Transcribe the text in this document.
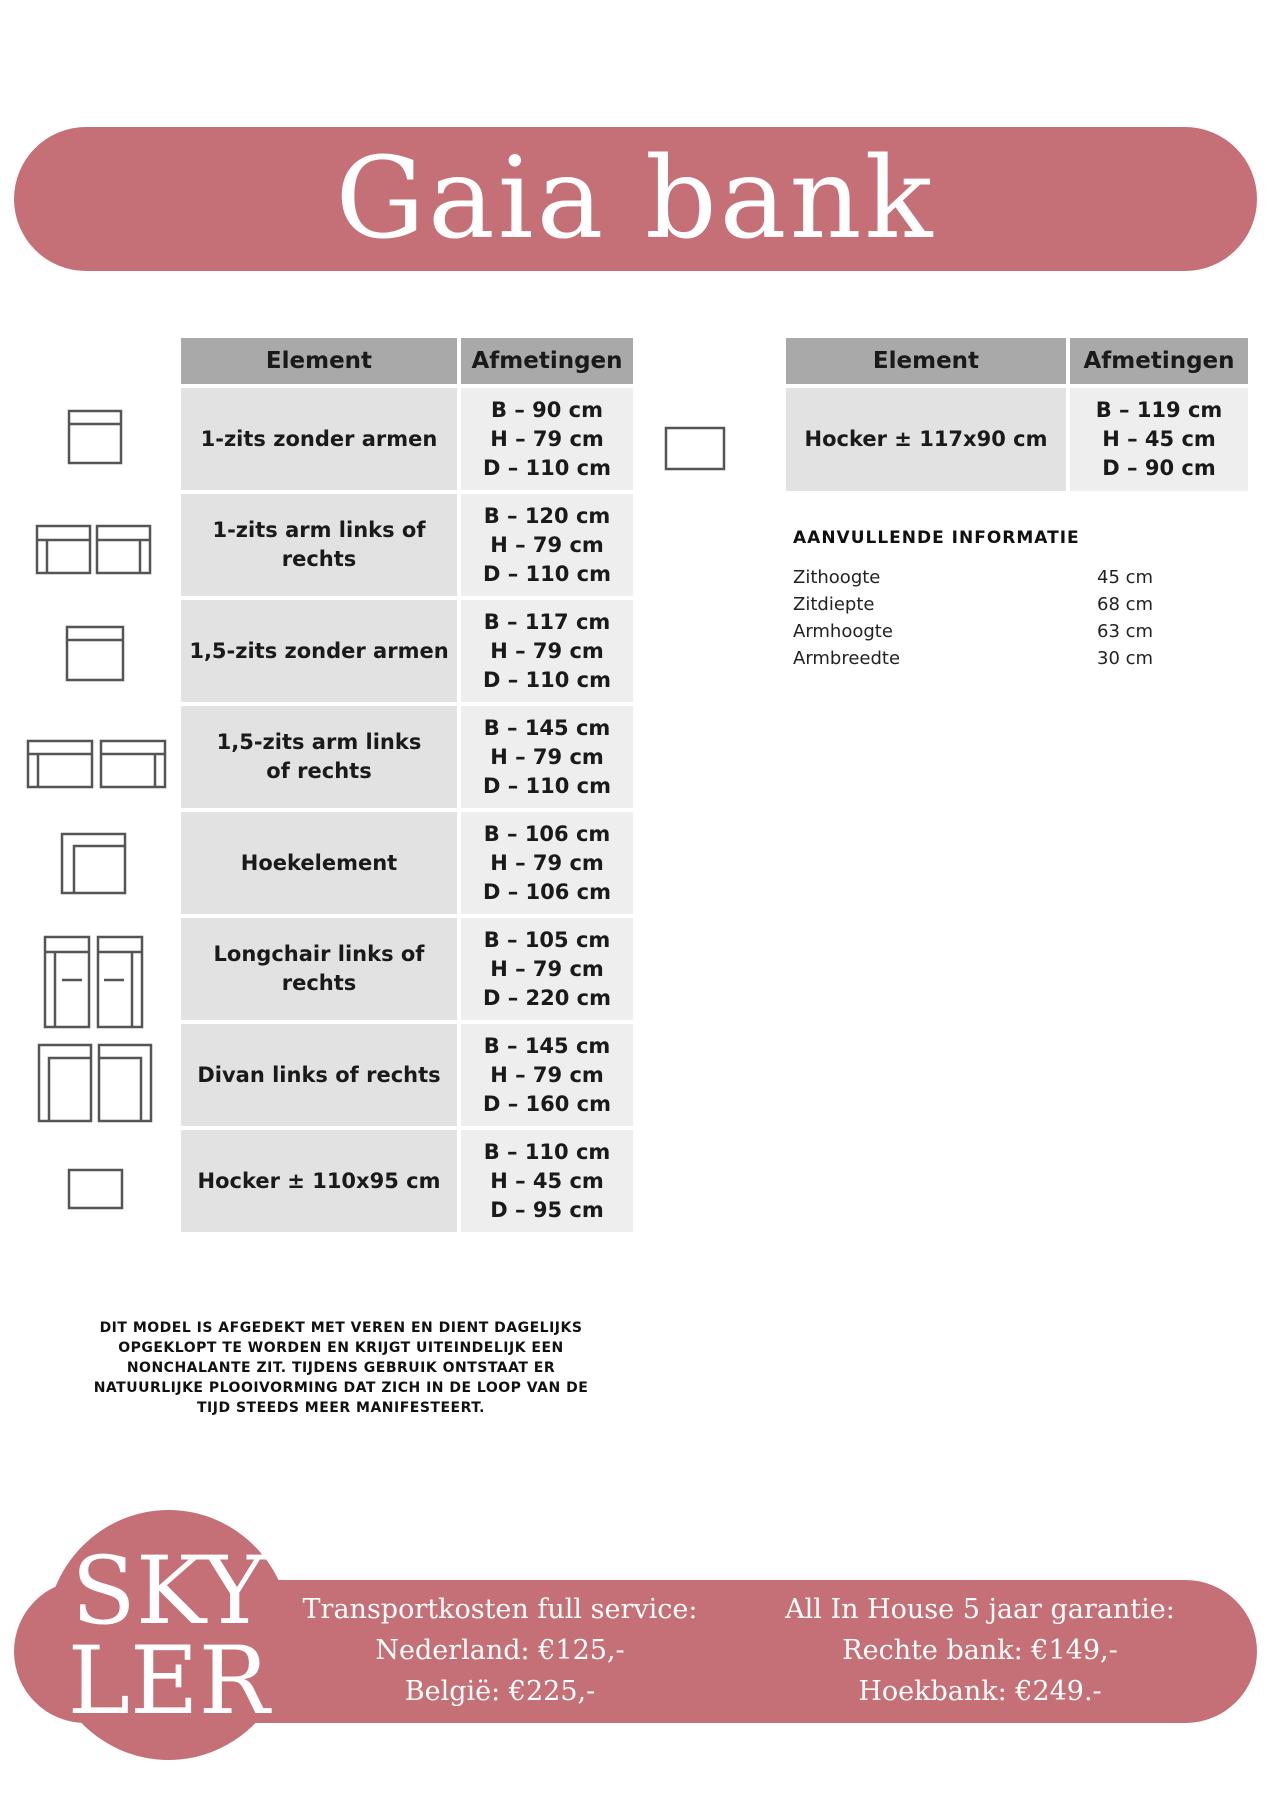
Gaia bank
Element	Afmetingen
1-zits zonder armen	B – 90 cm
H – 79 cm
D – 110 cm

1-zits arm links of rechts	B – 120 cm
H – 79 cm
D – 110 cm

1,5-zits zonder armen	B – 117 cm
H – 79 cm
D – 110 cm

1,5-zits arm links of rechts	B – 145 cm
H – 79 cm
D – 110 cm

Hoekelement	B – 106 cm
H – 79 cm
D – 106 cm

Longchair links of rechts	B – 105 cm
H – 79 cm
D – 220 cm

Divan links of rechts	B – 145 cm
H – 79 cm
D – 160 cm

Hocker ± 110x95 cm	B – 110 cm
H – 45 cm
D – 95 cm
Element	Afmetingen
Hocker ± 117x90 cm	B – 119 cm
H – 45 cm
D – 90 cm
AANVULLENDE INFORMATIE
Zithoogte	45 cm
Zitdiepte	68 cm
Armhoogte	63 cm
Armbreedte	30 cm
DIT MODEL IS AFGEDEKT MET VEREN EN DIENT DAGELIJKS OPGEKLOPT TE WORDEN EN KRIJGT UITEINDELIJK EEN NONCHALANTE ZIT. TIJDENS GEBRUIK ONTSTAAT ER NATUURLIJKE PLOOIVORMING DAT ZICH IN DE LOOP VAN DE TIJD STEEDS MEER MANIFESTEERT.
SKY
LER
Transportkosten full service:
Nederland: €125,-
België: €225,-
All In House 5 jaar garantie:
Rechte bank: €149,-
Hoekbank: €249.-
